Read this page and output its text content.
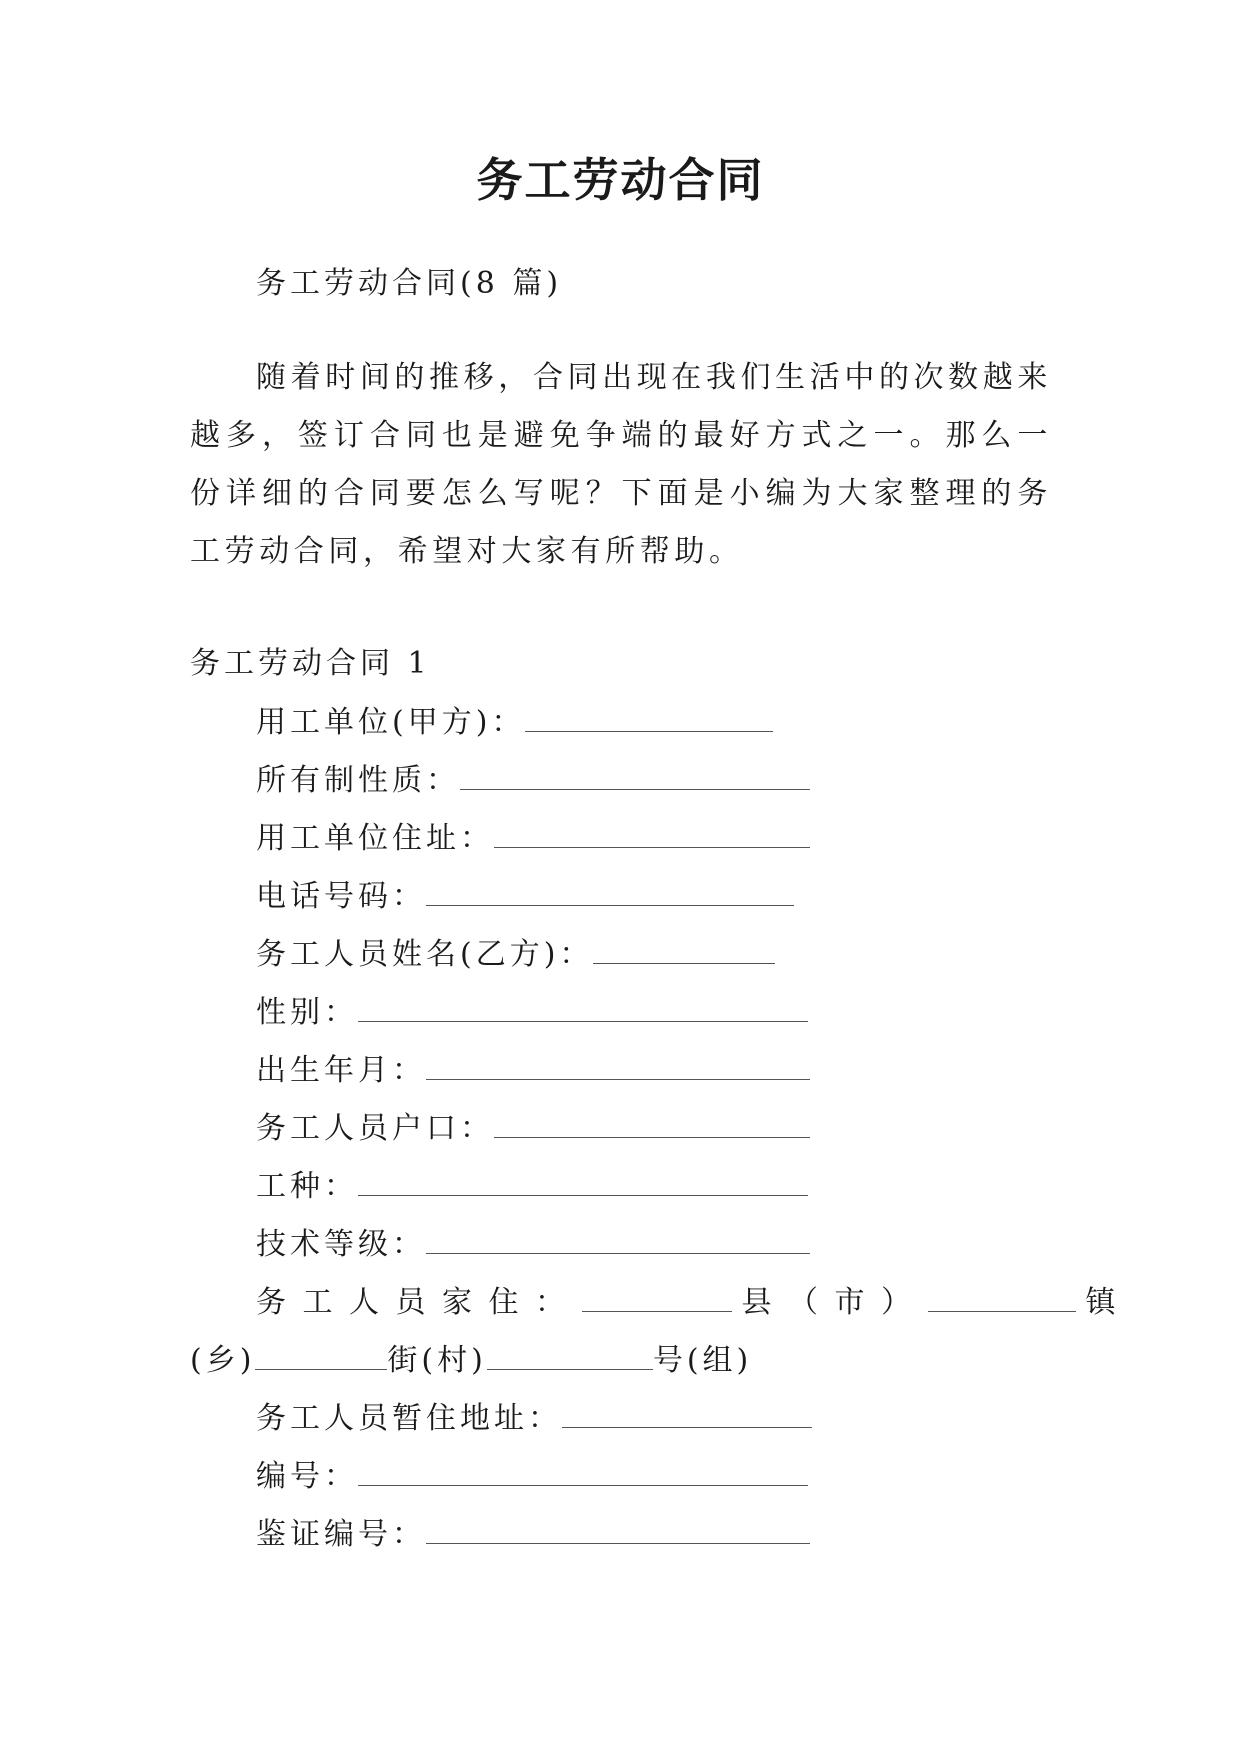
务工劳动合同
务工劳动合同(8 篇)
随着时间的推移，合同出现在我们生活中的次数越来越多，签订合同也是避免争端的最好方式之一。那么一份详细的合同要怎么写呢？下面是小编为大家整理的务工劳动合同，希望对大家有所帮助。
务工劳动合同 1
用工单位(甲方)：
所有制性质：
用工单位住址：
电话号码：
务工人员姓名(乙方)：
性别：
出生年月：
务工人员户口：
工种：
技术等级：
务工人员家住：	县（市）	镇
(乡)	街(村)	号(组)
务工人员暂住地址：
编号：
鉴证编号：
